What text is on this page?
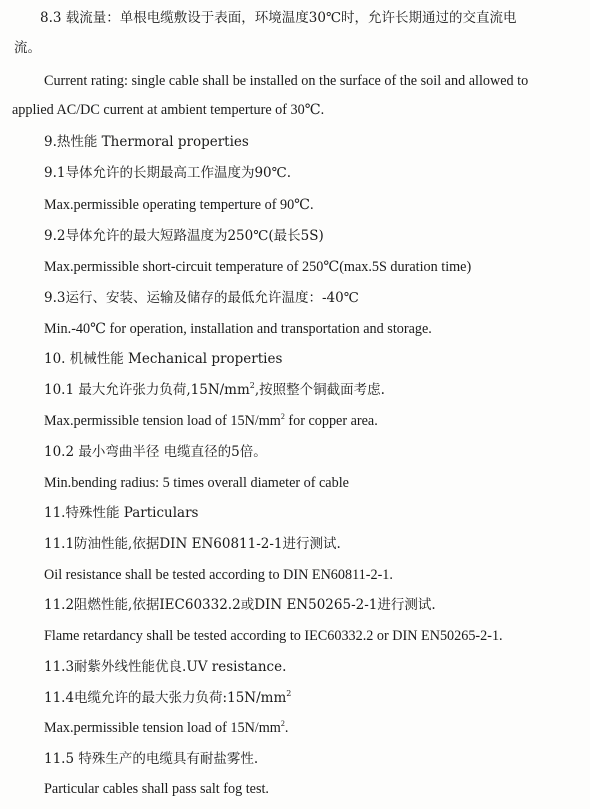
8.3 载流量：单根电缆敷设于表面，环境温度30℃时，允许长期通过的交直流电
流。
Current rating: single cable shall be installed on the surface of the soil and allowed to
applied AC/DC current at ambient temperture of 30℃.
9.热性能 Thermoral properties
9.1导体允许的长期最高工作温度为90℃.
Max.permissible operating temperture of 90℃.
9.2导体允许的最大短路温度为250℃(最长5S)
Max.permissible short-circuit temperature of 250℃(max.5S duration time)
9.3运行、安装、运输及储存的最低允许温度：-40℃
Min.-40℃ for operation, installation and transportation and storage.
10. 机械性能 Mechanical properties
10.1 最大允许张力负荷$,15N/mm^2$,按照整个铜截面考虑.
Max.permissible tension load of $15N/mm^2$ for copper area.
10.2 最小弯曲半径 电缆直径的5倍。
Min.bending radius: 5 times overall diameter of cable
11.特殊性能 Particulars
11.1防油性能,依据DIN EN60811-2-1进行测试.
Oil resistance shall be tested according to DIN EN60811-2-1.
11.2阻燃性能,依据IEC60332.2或DIN EN50265-2-1进行测试.
Flame retardancy shall be tested according to IEC60332.2 or DIN EN50265-2-1.
11.3耐紫外线性能优良.UV resistance.
11.4电缆允许的最大张力负荷$:15N/mm^2$
Max.permissible tension load of $15N/mm^2$.
11.5 特殊生产的电缆具有耐盐雾性.
Particular cables shall pass salt fog test.
